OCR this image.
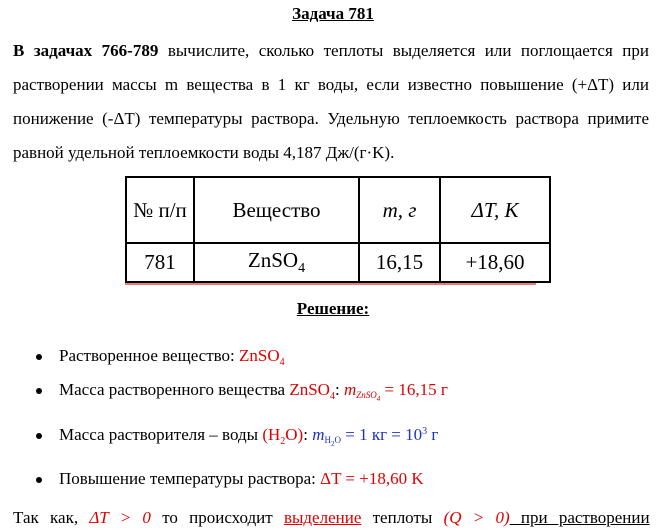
Задача 781
В задачах 766-789 вычислите, сколько теплоты выделяется или поглощается при растворении массы m вещества в 1 кг воды, если известно повышение (+ΔT) или понижение (-ΔT) температуры раствора. Удельную теплоемкость раствора примите равной удельной теплоемкости воды 4,187 Дж/(г·K).
№ п/п	Вещество	m, г	ΔT, K
781	ZnSO$_4$	16,15	+18,60
Решение:
Растворенное вещество: ZnSO$_4$
Масса растворенного вещества ZnSO$_4$: mZnSO$_4$ = 16,15 г
Масса растворителя – воды $(H_2O)$: $mH_2O = 1$ кг = $10^3$ г
Повышение температуры раствора: ΔT = +18,60 K
Так как, ΔT > 0 то происходит выделение теплоты (Q > 0) при растворении
